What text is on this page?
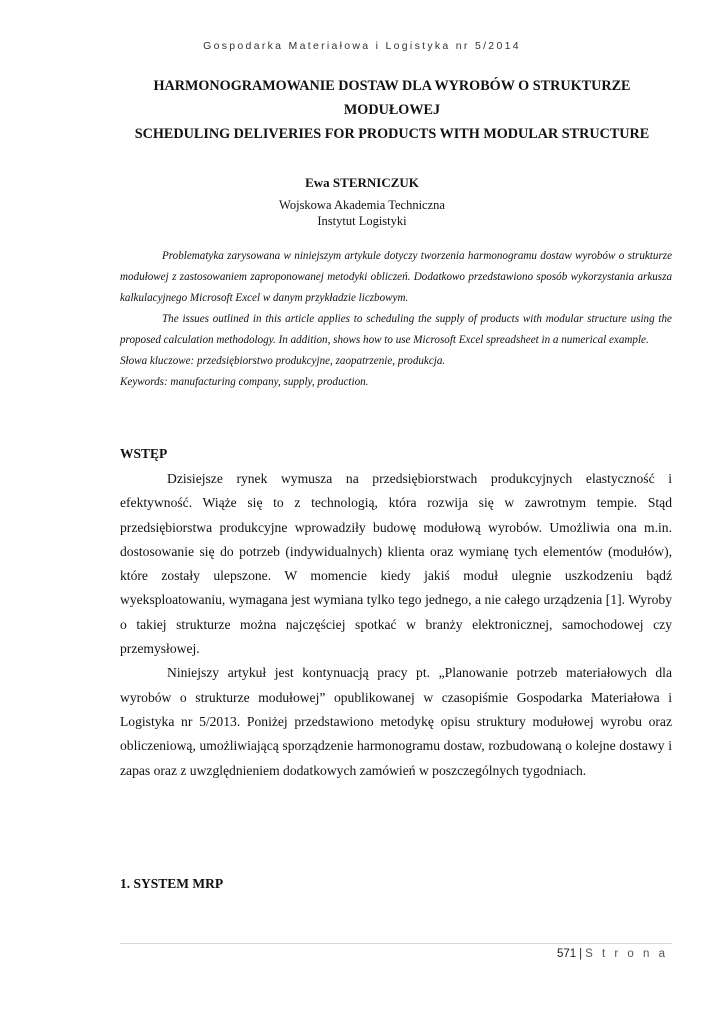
Gospodarka Materiałowa i Logistyka nr 5/2014
HARMONOGRAMOWANIE DOSTAW DLA WYROBÓW O STRUKTURZE
MODUŁOWEJ
SCHEDULING DELIVERIES FOR PRODUCTS WITH MODULAR STRUCTURE
Ewa STERNICZUK
Wojskowa Akademia Techniczna
Instytut Logistyki

Problematyka zarysowana w niniejszym artykule dotyczy tworzenia harmonogramu dostaw wyrobów o strukturze modułowej z zastosowaniem zaproponowanej metodyki obliczeń. Dodatkowo przedstawiono sposób wykorzystania arkusza kalkulacyjnego Microsoft Excel w danym przykładzie liczbowym.

The issues outlined in this article applies to scheduling the supply of products with modular structure using the proposed calculation methodology. In addition, shows how to use Microsoft Excel spreadsheet in a numerical example.

Słowa kluczowe: przedsiębiorstwo produkcyjne, zaopatrzenie, produkcja.

Keywords: manufacturing company, supply, production.

WSTĘP

Dzisiejsze rynek wymusza na przedsiębiorstwach produkcyjnych elastyczność i efektywność. Wiąże się to z technologią, która rozwija się w zawrotnym tempie. Stąd przedsiębiorstwa produkcyjne wprowadziły budowę modułową wyrobów. Umożliwia ona m.in. dostosowanie się do potrzeb (indywidualnych) klienta oraz wymianę tych elementów (modułów), które zostały ulepszone. W momencie kiedy jakiś moduł ulegnie uszkodzeniu bądź wyeksploatowaniu, wymagana jest wymiana tylko tego jednego, a nie całego urządzenia [1]. Wyroby o takiej strukturze można najczęściej spotkać w branży elektronicznej, samochodowej czy przemysłowej.

Niniejszy artykuł jest kontynuacją pracy pt. „Planowanie potrzeb materiałowych dla wyrobów o strukturze modułowej” opublikowanej w czasopiśmie Gospodarka Materiałowa i Logistyka nr 5/2013. Poniżej przedstawiono metodykę opisu struktury modułowej wyrobu oraz obliczeniową, umożliwiającą sporządzenie harmonogramu dostaw, rozbudowaną o kolejne dostawy i zapas oraz z uwzględnieniem dodatkowych zamówień w poszczególnych tygodniach.

1. SYSTEM MRP
571 | S t r o n a
